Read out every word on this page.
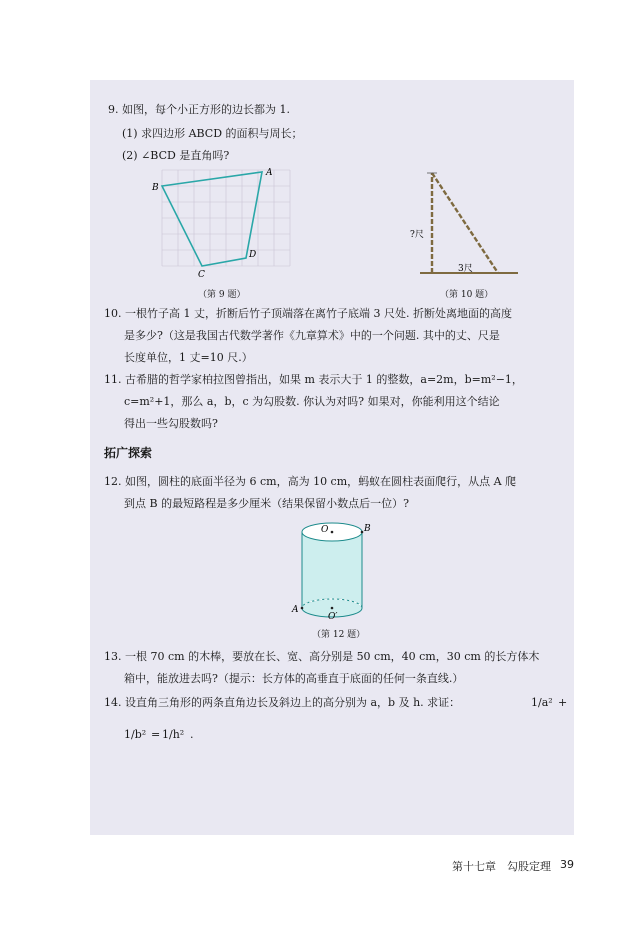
9. 如图，每个小正方形的边长都为 1.
(1) 求四边形 ABCD 的面积与周长；
(2) ∠BCD 是直角吗?
B
A
D
C
（第 9 题）
?尺
3尺
（第 10 题）
10. 一根竹子高 1 丈，折断后竹子顶端落在离竹子底端 3 尺处. 折断处离地面的高度
是多少?（这是我国古代数学著作《九章算术》中的一个问题. 其中的丈、尺是
长度单位，1 丈=10 尺.）
11. 古希腊的哲学家柏拉图曾指出，如果 m 表示大于 1 的整数，a=2m，b=m²−1，
c=m²+1，那么 a，b，c 为勾股数. 你认为对吗? 如果对，你能利用这个结论
得出一些勾股数吗?
拓广探索
12. 如图，圆柱的底面半径为 6 cm，高为 10 cm，蚂蚁在圆柱表面爬行，从点 A 爬
到点 B 的最短路程是多少厘米（结果保留小数点后一位）?
O
O′
A
B
（第 12 题）
13. 一根 70 cm 的木棒，要放在长、宽、高分别是 50 cm，40 cm，30 cm 的长方体木
箱中，能放进去吗?（提示：长方体的高垂直于底面的任何一条直线.）
14. 设直角三角形的两条直角边长及斜边上的高分别为 a，b 及 h. 求证：	1/a² +
1/b² = 1/h² .
第十七章　勾股定理 39
